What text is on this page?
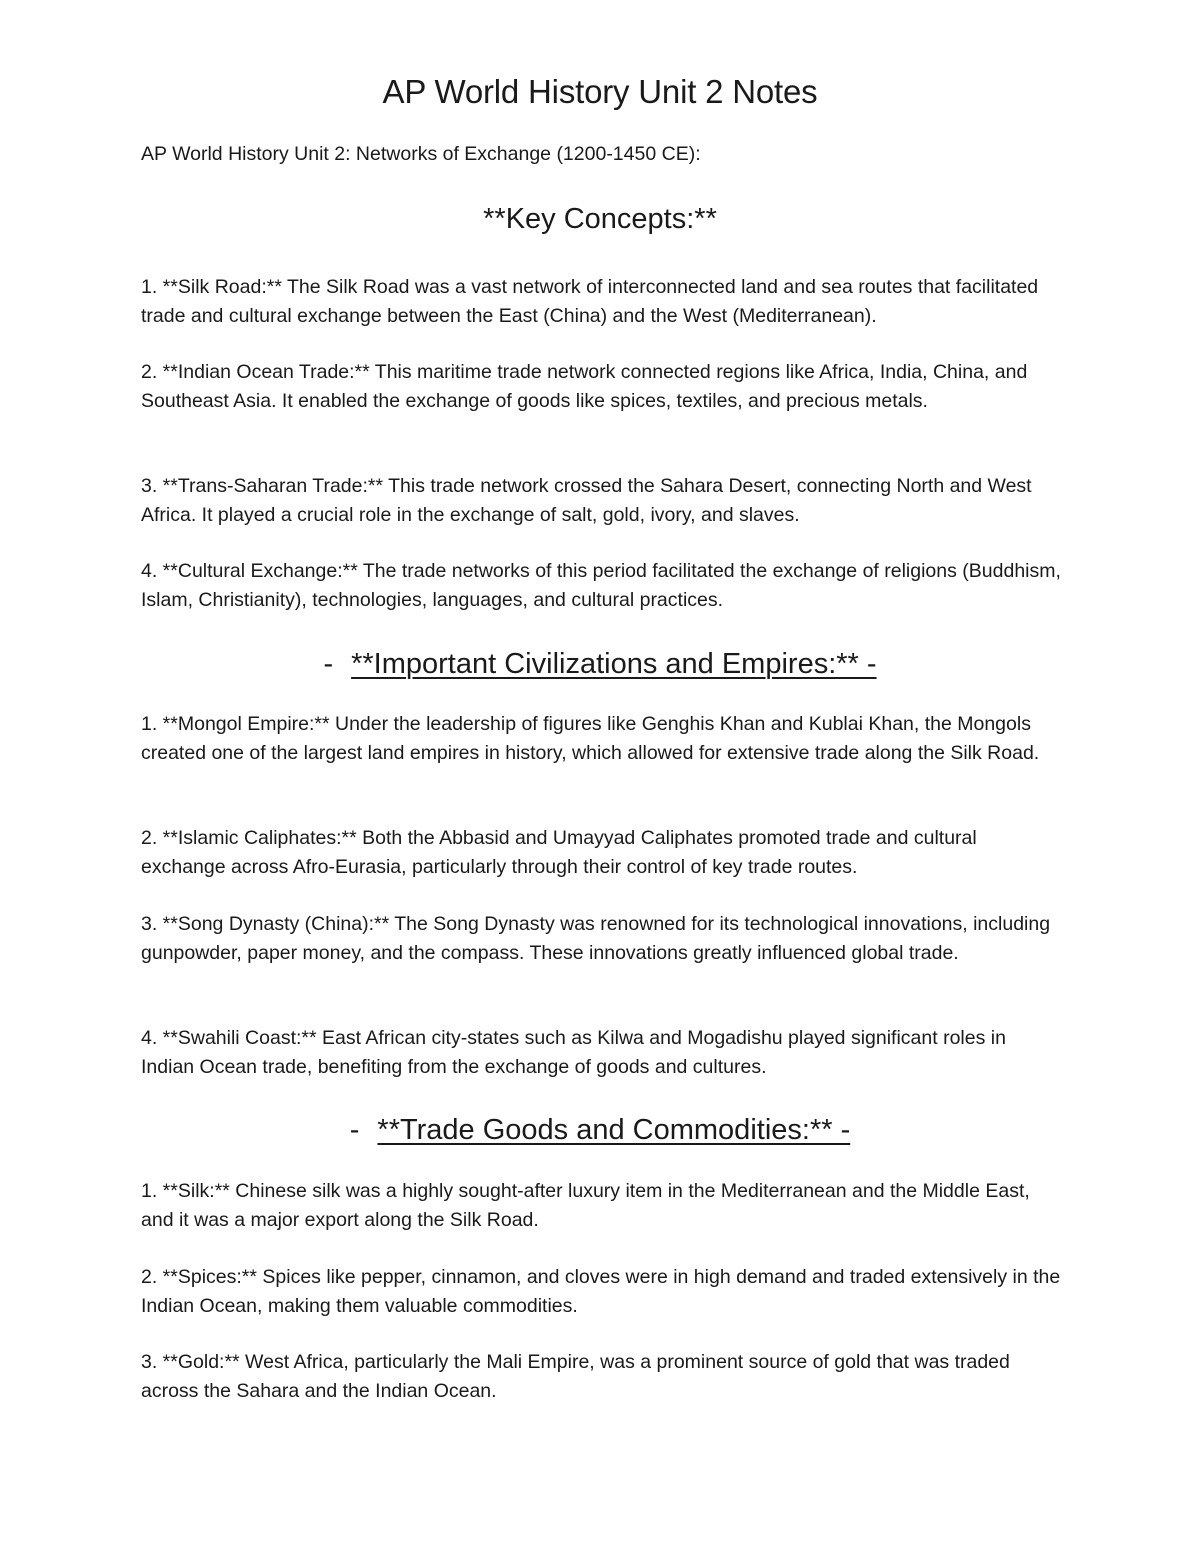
AP World History Unit 2 Notes

AP World History Unit 2: Networks of Exchange (1200-1450 CE):

**Key Concepts:**

1. **Silk Road:** The Silk Road was a vast network of interconnected land and sea routes that facilitated trade and cultural exchange between the East (China) and the West (Mediterranean).

2. **Indian Ocean Trade:** This maritime trade network connected regions like Africa, India, China, and Southeast Asia. It enabled the exchange of goods like spices, textiles, and precious metals.

3. **Trans-Saharan Trade:** This trade network crossed the Sahara Desert, connecting North and West Africa. It played a crucial role in the exchange of salt, gold, ivory, and slaves.

4. **Cultural Exchange:** The trade networks of this period facilitated the exchange of religions (Buddhism, Islam, Christianity), technologies, languages, and cultural practices.

- **Important Civilizations and Empires:** -

1. **Mongol Empire:** Under the leadership of figures like Genghis Khan and Kublai Khan, the Mongols created one of the largest land empires in history, which allowed for extensive trade along the Silk Road.

2. **Islamic Caliphates:** Both the Abbasid and Umayyad Caliphates promoted trade and cultural exchange across Afro-Eurasia, particularly through their control of key trade routes.

3. **Song Dynasty (China):** The Song Dynasty was renowned for its technological innovations, including gunpowder, paper money, and the compass. These innovations greatly influenced global trade.

4. **Swahili Coast:** East African city-states such as Kilwa and Mogadishu played significant roles in Indian Ocean trade, benefiting from the exchange of goods and cultures.

- **Trade Goods and Commodities:** -

1. **Silk:** Chinese silk was a highly sought-after luxury item in the Mediterranean and the Middle East, and it was a major export along the Silk Road.

2. **Spices:** Spices like pepper, cinnamon, and cloves were in high demand and traded extensively in the Indian Ocean, making them valuable commodities.

3. **Gold:** West Africa, particularly the Mali Empire, was a prominent source of gold that was traded across the Sahara and the Indian Ocean.
